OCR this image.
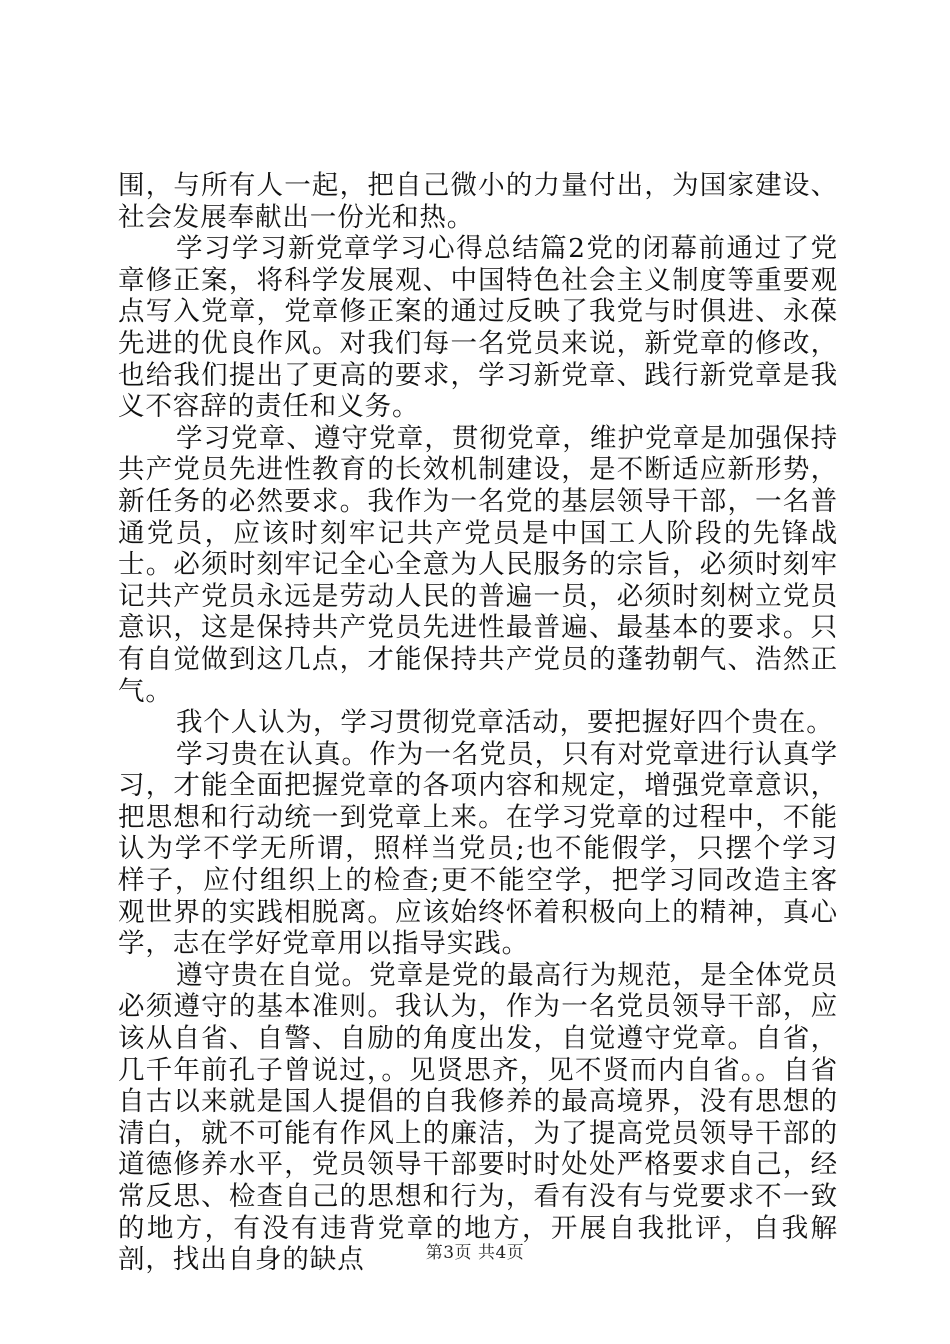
围，与所有人一起，把自己微小的力量付出，为国家建设、社会发展奉献出一份光和热。

学习学习新党章学习心得总结篇2党的闭幕前通过了党章修正案，将科学发展观、中国特色社会主义制度等重要观点写入党章，党章修正案的通过反映了我党与时俱进、永葆先进的优良作风。对我们每一名党员来说，新党章的修改，也给我们提出了更高的要求，学习新党章、践行新党章是我义不容辞的责任和义务。

学习党章、遵守党章，贯彻党章，维护党章是加强保持共产党员先进性教育的长效机制建设，是不断适应新形势，新任务的必然要求。我作为一名党的基层领导干部，一名普通党员，应该时刻牢记共产党员是中国工人阶段的先锋战士。必须时刻牢记全心全意为人民服务的宗旨，必须时刻牢记共产党员永远是劳动人民的普遍一员，必须时刻树立党员意识，这是保持共产党员先进性最普遍、最基本的要求。只有自觉做到这几点，才能保持共产党员的蓬勃朝气、浩然正气。

我个人认为，学习贯彻党章活动，要把握好四个贵在。

学习贵在认真。作为一名党员，只有对党章进行认真学习，才能全面把握党章的各项内容和规定，增强党章意识，把思想和行动统一到党章上来。在学习党章的过程中，不能认为学不学无所谓，照样当党员;也不能假学，只摆个学习样子，应付组织上的检查;更不能空学，把学习同改造主客观世界的实践相脱离。应该始终怀着积极向上的精神，真心学，志在学好党章用以指导实践。

遵守贵在自觉。党章是党的最高行为规范，是全体党员必须遵守的基本准则。我认为，作为一名党员领导干部，应该从自省、自警、自励的角度出发，自觉遵守党章。自省，几千年前孔子曾说过，。见贤思齐，见不贤而内自省。。自省自古以来就是国人提倡的自我修养的最高境界，没有思想的清白，就不可能有作风上的廉洁，为了提高党员领导干部的道德修养水平，党员领导干部要时时处处严格要求自己，经常反思、检查自己的思想和行为，看有没有与党要求不一致的地方，有没有违背党章的地方，开展自我批评，自我解剖，找出自身的缺点	第3页 共4页
